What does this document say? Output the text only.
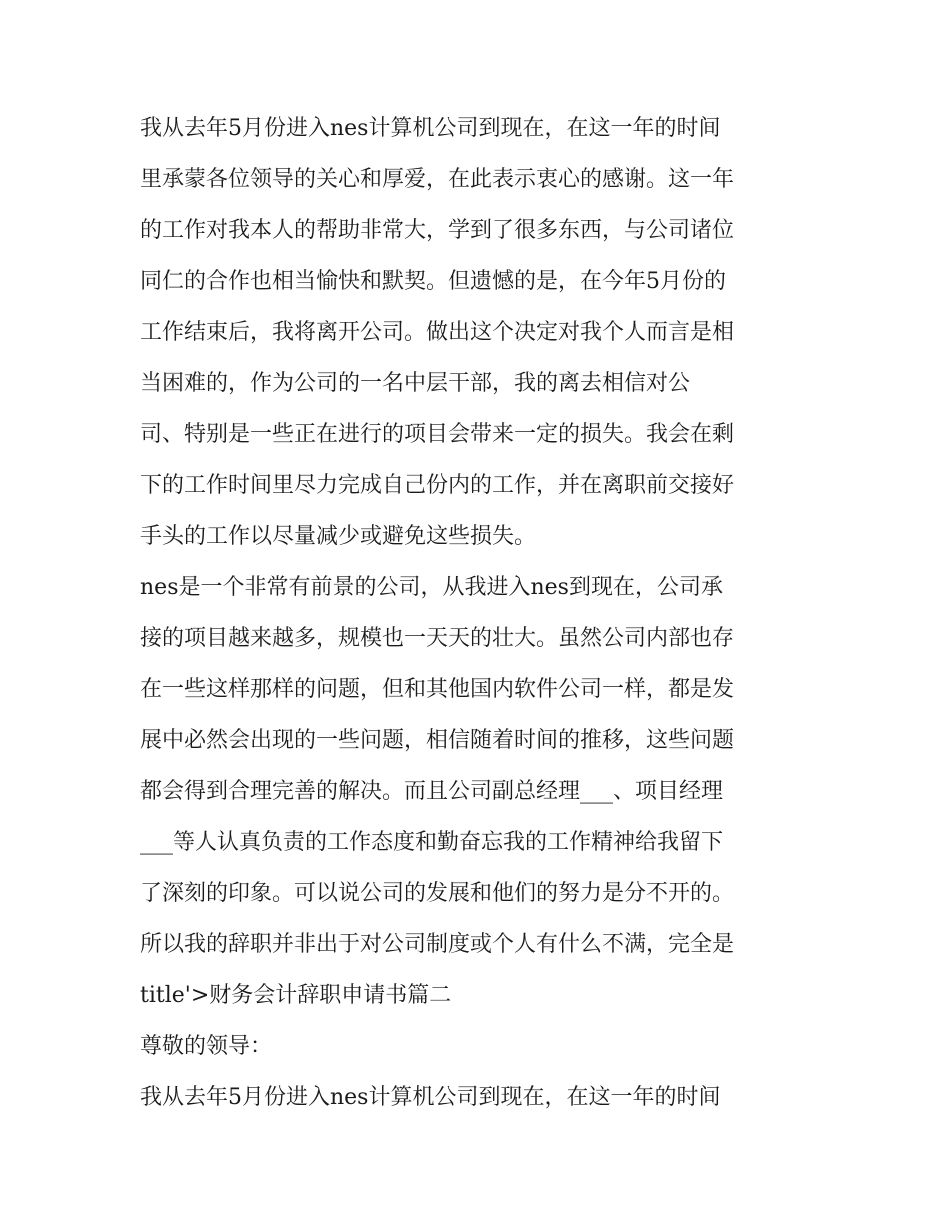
我从去年5月份进入nes计算机公司到现在，在这一年的时间
里承蒙各位领导的关心和厚爱，在此表示衷心的感谢。这一年
的工作对我本人的帮助非常大，学到了很多东西，与公司诸位
同仁的合作也相当愉快和默契。但遗憾的是，在今年5月份的
工作结束后，我将离开公司。做出这个决定对我个人而言是相
当困难的，作为公司的一名中层干部，我的离去相信对公
司、特别是一些正在进行的项目会带来一定的损失。我会在剩
下的工作时间里尽力完成自己份内的工作，并在离职前交接好
手头的工作以尽量减少或避免这些损失。
nes是一个非常有前景的公司，从我进入nes到现在，公司承
接的项目越来越多，规模也一天天的壮大。虽然公司内部也存
在一些这样那样的问题，但和其他国内软件公司一样，都是发
展中必然会出现的一些问题，相信随着时间的推移，这些问题
都会得到合理完善的解决。而且公司副总经理___、项目经理
___等人认真负责的工作态度和勤奋忘我的工作精神给我留下
了深刻的印象。可以说公司的发展和他们的努力是分不开的。
所以我的辞职并非出于对公司制度或个人有什么不满，完全是
title'>财务会计辞职申请书篇二
尊敬的领导：
我从去年5月份进入nes计算机公司到现在，在这一年的时间
